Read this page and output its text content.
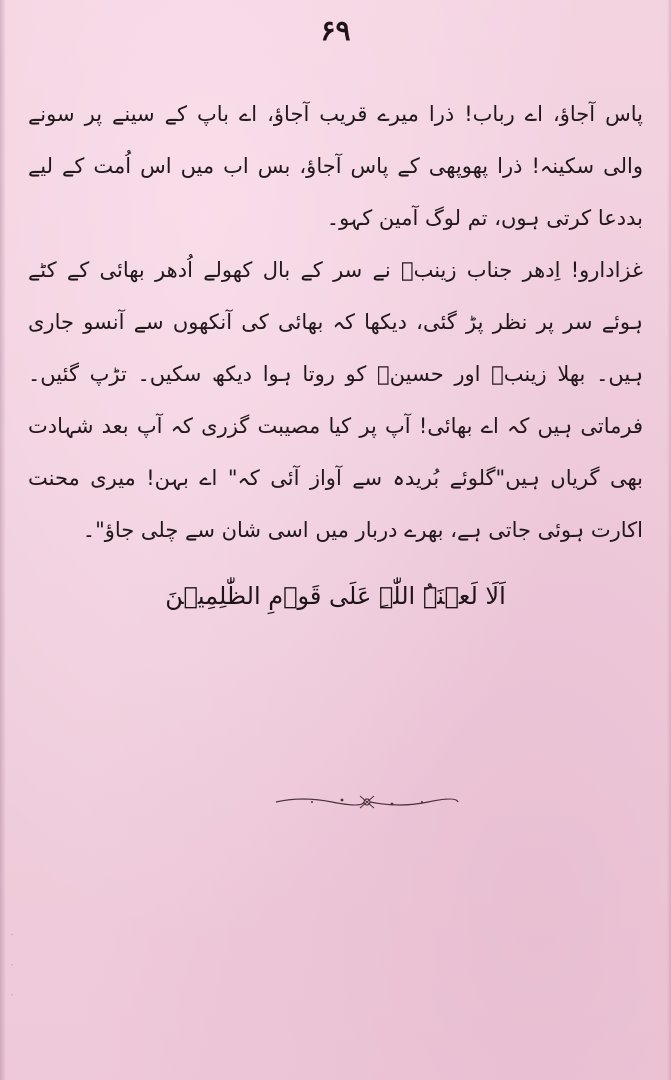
۶۹

پاس آجاؤ، اے رباب! ذرا میرے قریب آجاؤ، اے باپ کے سینے پر سونے والی سکینہ! ذرا پھوپھی کے پاس آجاؤ، بس اب میں اس اُمت کے لیے بددعا کرتی ہوں، تم لوگ آمین کہو۔

غزادارو! اِدھر جناب زینبؑ نے سر کے بال کھولے اُدھر بھائی کے کٹے ہوئے سر پر نظر پڑ گئی، دیکھا کہ بھائی کی آنکھوں سے آنسو جاری ہیں۔ بھلا زینبؑ اور حسینؑ کو روتا ہوا دیکھ سکیں۔ تڑپ گئیں۔ فرماتی ہیں کہ اے بھائی! آپ پر کیا مصیبت گزری کہ آپ بعد شہادت بھی گریاں ہیں"گلوئے بُریدہ سے آواز آئی کہ" اے بہن! میری محنت اکارت ہوئی جاتی ہے، بھرے دربار میں اسی شان سے چلی جاؤ"۔

اَلَا لَعۡنَۃُ اللّٰہِ عَلَی قَوۡمِ الظّٰلِمِیۡنَ
·
·
·
